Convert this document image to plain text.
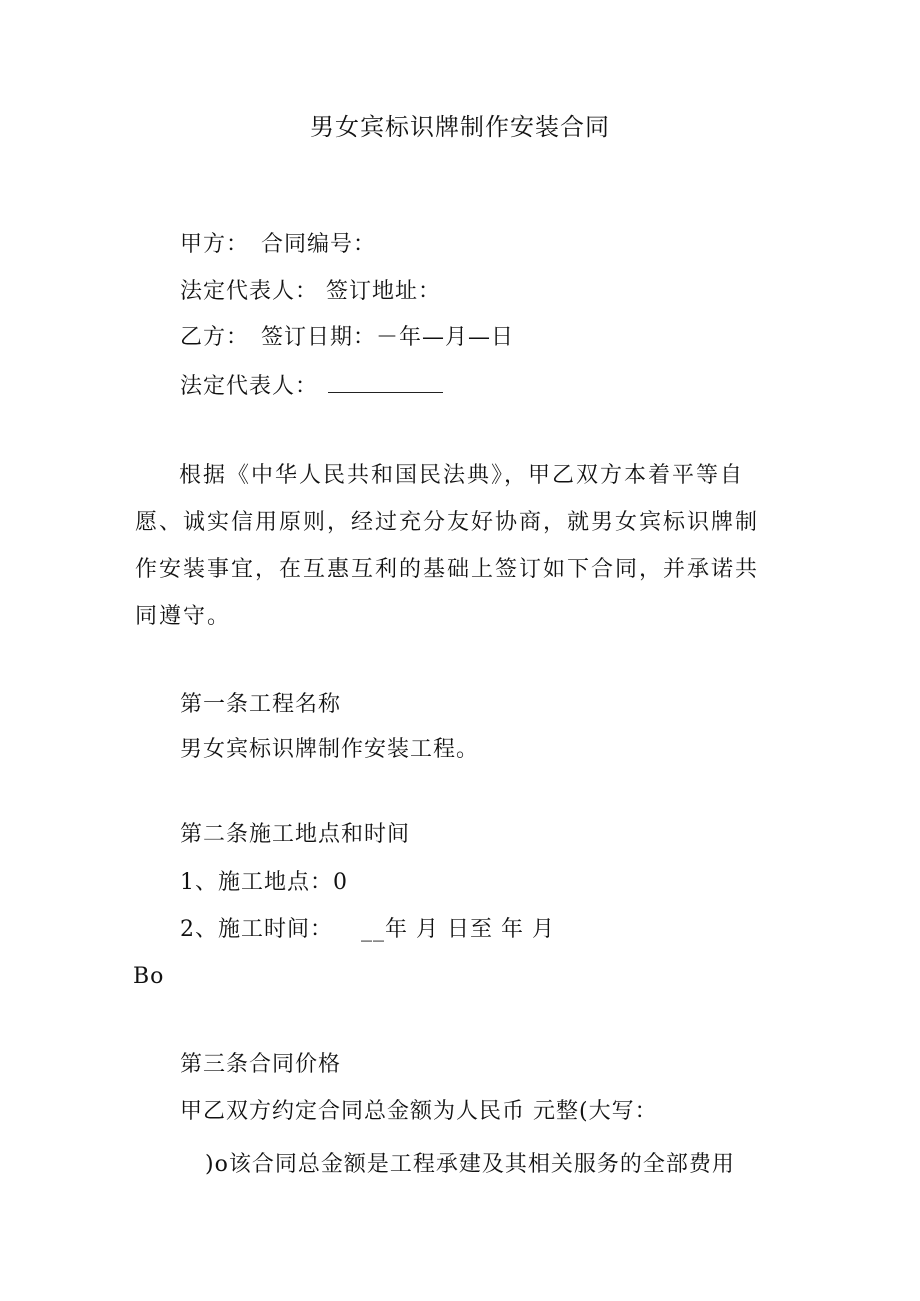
男女宾标识牌制作安装合同
甲方： 合同编号：
法定代表人： 签订地址：
乙方： 签订日期：－年—月—日
法定代表人：
根据《中华人民共和国民法典》，甲乙双方本着平等自愿、诚实信用原则，经过充分友好协商，就男女宾标识牌制作安装事宜，在互惠互利的基础上签订如下合同，并承诺共同遵守。
第一条工程名称
男女宾标识牌制作安装工程。
第二条施工地点和时间
1、施工地点：0
2、施工时间： __年 月 日至 年 月
Bo
第三条合同价格
甲乙双方约定合同总金额为人民币 元整(大写：
)o该合同总金额是工程承建及其相关服务的全部费用
